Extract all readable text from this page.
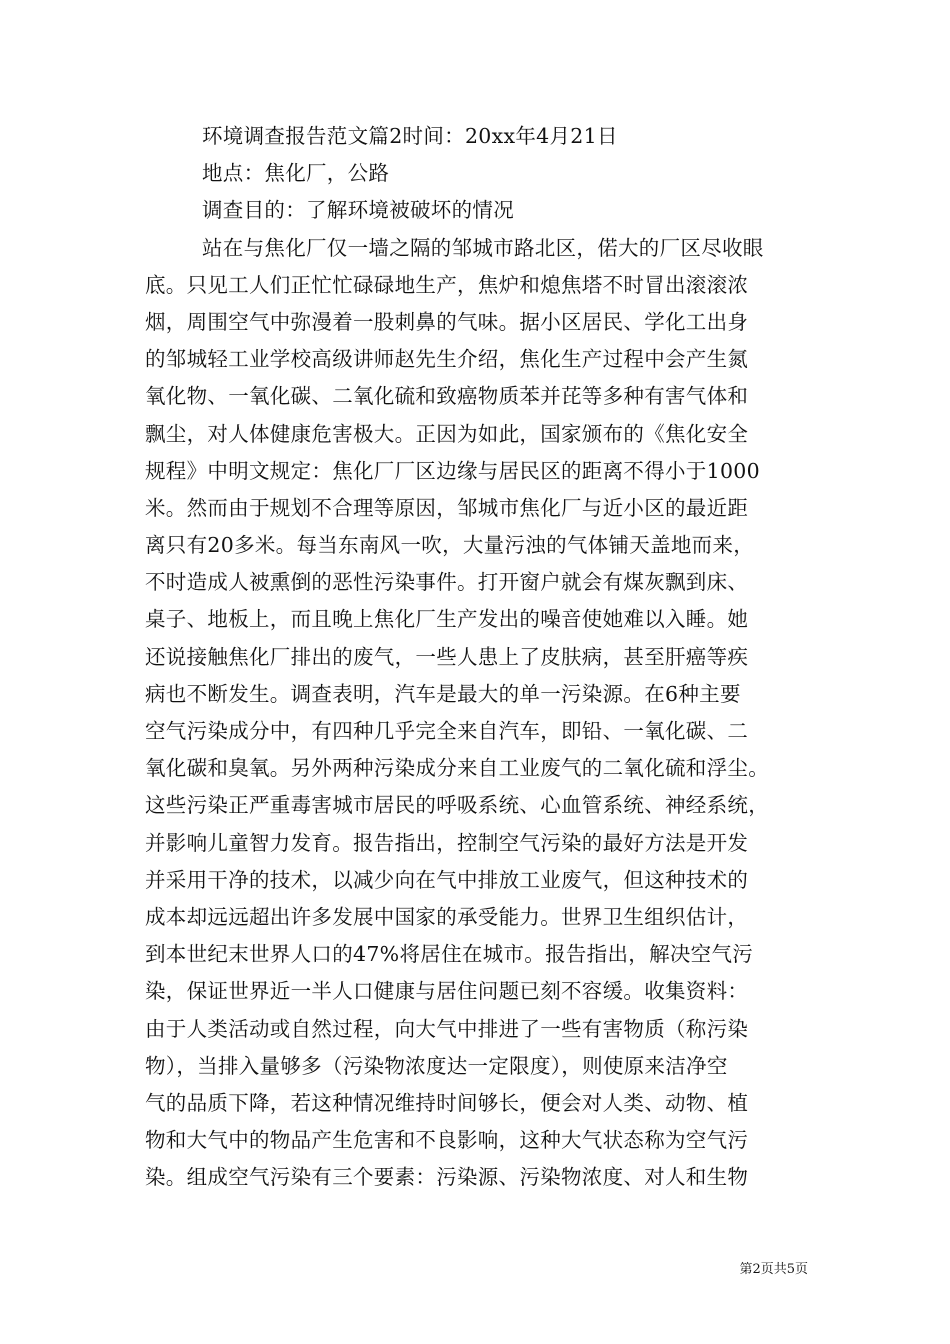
环境调查报告范文篇2时间：20xx年4月21日
地点：焦化厂，公路
调查目的：了解环境被破坏的情况
站在与焦化厂仅一墙之隔的邹城市路北区，偌大的厂区尽收眼
底。只见工人们正忙忙碌碌地生产，焦炉和熄焦塔不时冒出滚滚浓
烟，周围空气中弥漫着一股刺鼻的气味。据小区居民、学化工出身
的邹城轻工业学校高级讲师赵先生介绍，焦化生产过程中会产生氮
氧化物、一氧化碳、二氧化硫和致癌物质苯并芘等多种有害气体和
飘尘，对人体健康危害极大。正因为如此，国家颁布的《焦化安全
规程》中明文规定：焦化厂厂区边缘与居民区的距离不得小于1000
米。然而由于规划不合理等原因，邹城市焦化厂与近小区的最近距
离只有20多米。每当东南风一吹，大量污浊的气体铺天盖地而来，
不时造成人被熏倒的恶性污染事件。打开窗户就会有煤灰飘到床、
桌子、地板上，而且晚上焦化厂生产发出的噪音使她难以入睡。她
还说接触焦化厂排出的废气，一些人患上了皮肤病，甚至肝癌等疾
病也不断发生。调查表明，汽车是最大的单一污染源。在6种主要
空气污染成分中，有四种几乎完全来自汽车，即铅、一氧化碳、二
氧化碳和臭氧。另外两种污染成分来自工业废气的二氧化硫和浮尘。
这些污染正严重毒害城市居民的呼吸系统、心血管系统、神经系统，
并影响儿童智力发育。报告指出，控制空气污染的最好方法是开发
并采用干净的技术，以减少向在气中排放工业废气，但这种技术的
成本却远远超出许多发展中国家的承受能力。世界卫生组织估计，
到本世纪末世界人口的47%将居住在城市。报告指出，解决空气污
染，保证世界近一半人口健康与居住问题已刻不容缓。收集资料：
由于人类活动或自然过程，向大气中排进了一些有害物质（称污染
物），当排入量够多（污染物浓度达一定限度），则使原来洁净空
气的品质下降，若这种情况维持时间够长，便会对人类、动物、植
物和大气中的物品产生危害和不良影响，这种大气状态称为空气污
染。组成空气污染有三个要素：污染源、污染物浓度、对人和生物
第2页共5页
